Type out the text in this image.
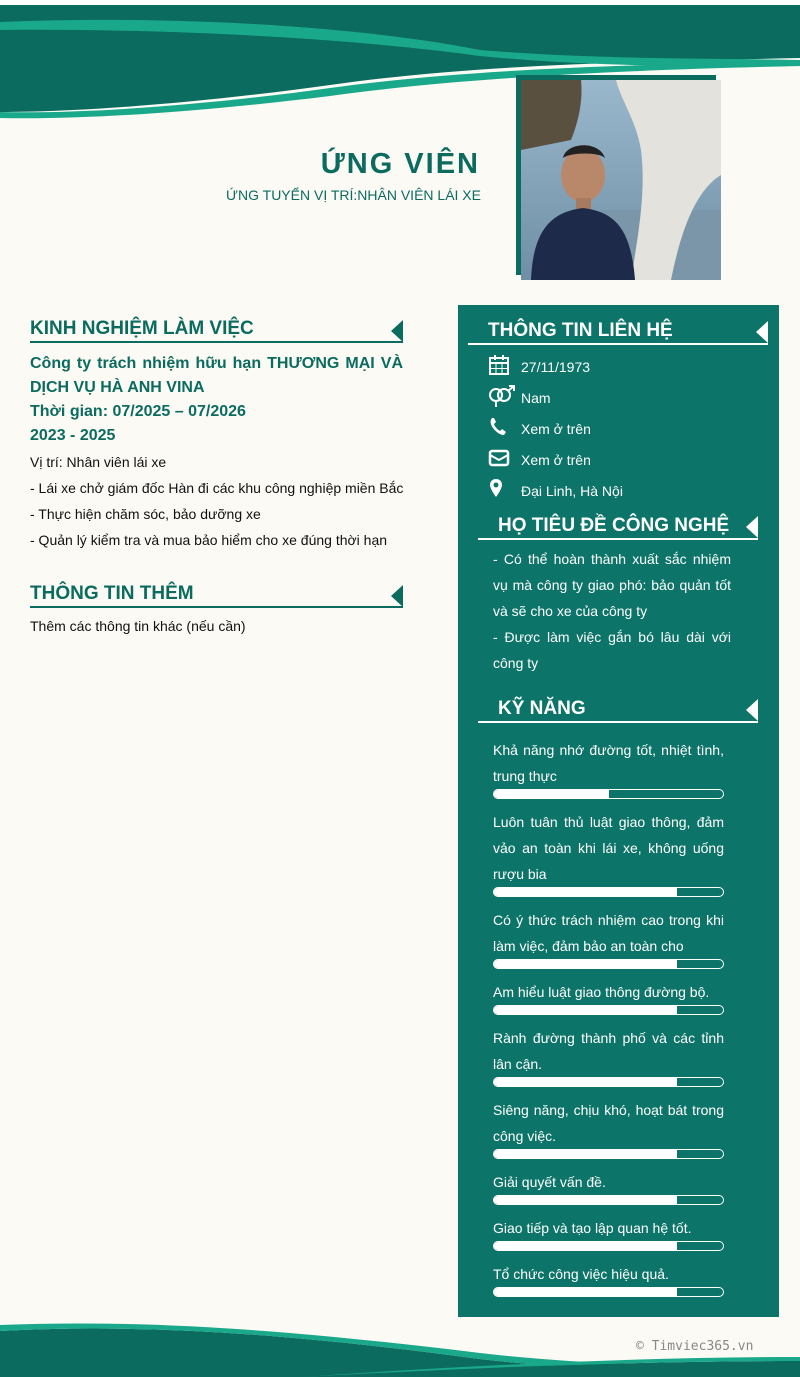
ỨNG VIÊN
ỨNG TUYỂN VỊ TRÍ:NHÂN VIÊN LÁI XE
KINH NGHIỆM LÀM VIỆC
Công ty trách nhiệm hữu hạn THƯƠNG MẠI VÀ DỊCH VỤ HÀ ANH VINA
Thời gian: 07/2025 – 07/2026
2023 - 2025
Vị trí: Nhân viên lái xe
- Lái xe chở giám đốc Hàn đi các khu công nghiệp miền Bắc
- Thực hiện chăm sóc, bảo dưỡng xe
- Quản lý kiểm tra và mua bảo hiểm cho xe đúng thời hạn
THÔNG TIN THÊM
Thêm các thông tin khác (nếu cần)
THÔNG TIN LIÊN HỆ
27/11/1973
Nam
Xem ở trên
Xem ở trên
Đại Linh, Hà Nội
HỌ TIÊU ĐỀ CÔNG NGHỆ
- Có thể hoàn thành xuất sắc nhiệm vụ mà công ty giao phó: bảo quản tốt và sẽ cho xe của công ty
- Được làm việc gắn bó lâu dài với công ty
KỸ NĂNG
Khả năng nhớ đường tốt, nhiệt tình, trung thực
Luôn tuân thủ luật giao thông, đảm vảo an toàn khi lái xe, không uống rượu bia
Có ý thức trách nhiệm cao trong khi làm việc, đảm bảo an toàn cho
Am hiểu luật giao thông đường bộ.
Rành đường thành phố và các tỉnh lân cận.
Siêng năng, chịu khó, hoạt bát trong công việc.
Giải quyết vấn đề.
Giao tiếp và tạo lập quan hệ tốt.
Tổ chức công việc hiệu quả.
© Timviec365.vn
